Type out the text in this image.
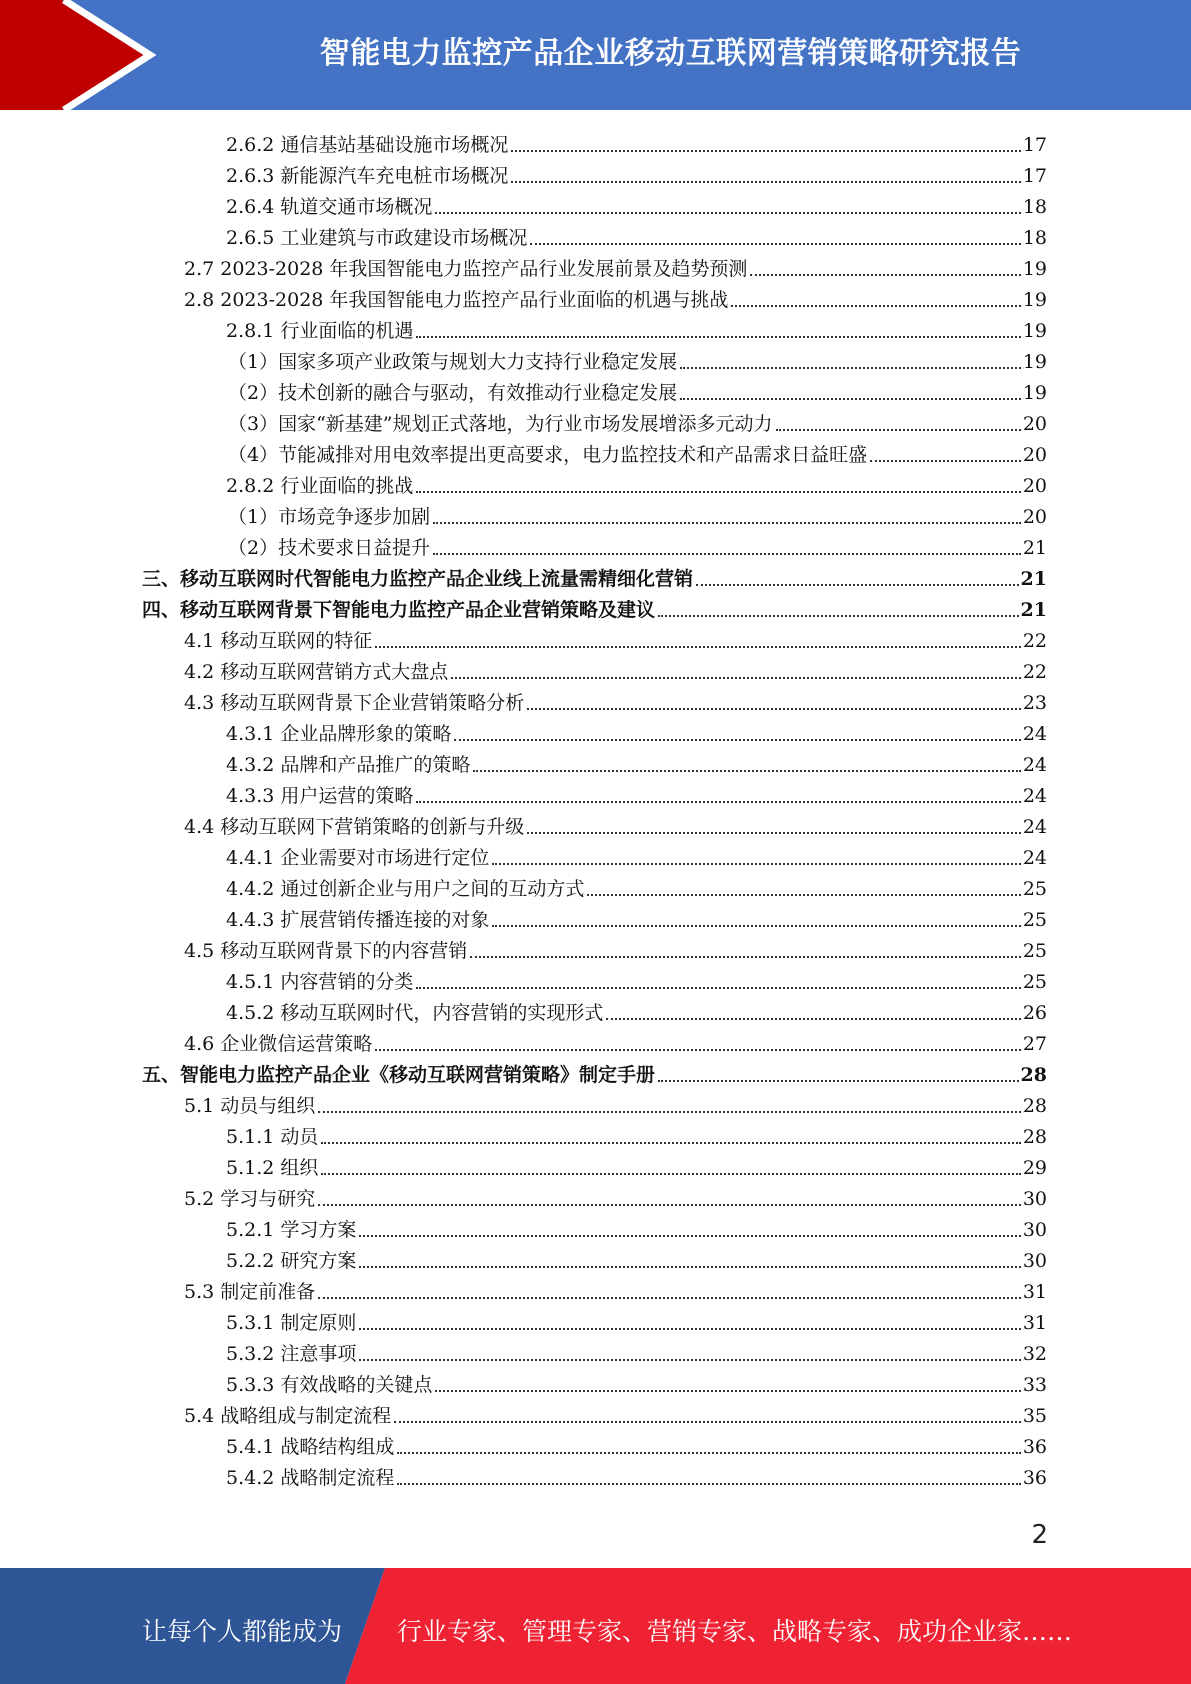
智能电力监控产品企业移动互联网营销策略研究报告
2.6.2 通信基站基础设施市场概况	17
2.6.3 新能源汽车充电桩市场概况	17
2.6.4 轨道交通市场概况	18
2.6.5 工业建筑与市政建设市场概况	18
2.7 2023-2028 年我国智能电力监控产品行业发展前景及趋势预测	19
2.8 2023-2028 年我国智能电力监控产品行业面临的机遇与挑战	19
2.8.1 行业面临的机遇	19
（1）国家多项产业政策与规划大力支持行业稳定发展	19
（2）技术创新的融合与驱动，有效推动行业稳定发展	19
（3）国家“新基建”规划正式落地，为行业市场发展增添多元动力	20
（4）节能减排对用电效率提出更高要求，电力监控技术和产品需求日益旺盛	20
2.8.2 行业面临的挑战	20
（1）市场竞争逐步加剧	20
（2）技术要求日益提升	21
三、移动互联网时代智能电力监控产品企业线上流量需精细化营销	21
四、移动互联网背景下智能电力监控产品企业营销策略及建议	21
4.1 移动互联网的特征	22
4.2 移动互联网营销方式大盘点	22
4.3 移动互联网背景下企业营销策略分析	23
4.3.1 企业品牌形象的策略	24
4.3.2 品牌和产品推广的策略	24
4.3.3 用户运营的策略	24
4.4 移动互联网下营销策略的创新与升级	24
4.4.1 企业需要对市场进行定位	24
4.4.2 通过创新企业与用户之间的互动方式	25
4.4.3 扩展营销传播连接的对象	25
4.5 移动互联网背景下的内容营销	25
4.5.1 内容营销的分类	25
4.5.2 移动互联网时代，内容营销的实现形式	26
4.6 企业微信运营策略	27
五、智能电力监控产品企业《移动互联网营销策略》制定手册	28
5.1 动员与组织	28
5.1.1 动员	28
5.1.2 组织	29
5.2 学习与研究	30
5.2.1 学习方案	30
5.2.2 研究方案	30
5.3 制定前准备	31
5.3.1 制定原则	31
5.3.2 注意事项	32
5.3.3 有效战略的关键点	33
5.4 战略组成与制定流程	35
5.4.1 战略结构组成	36
5.4.2 战略制定流程	36
2
让每个人都能成为 行业专家、管理专家、营销专家、战略专家、成功企业家……
